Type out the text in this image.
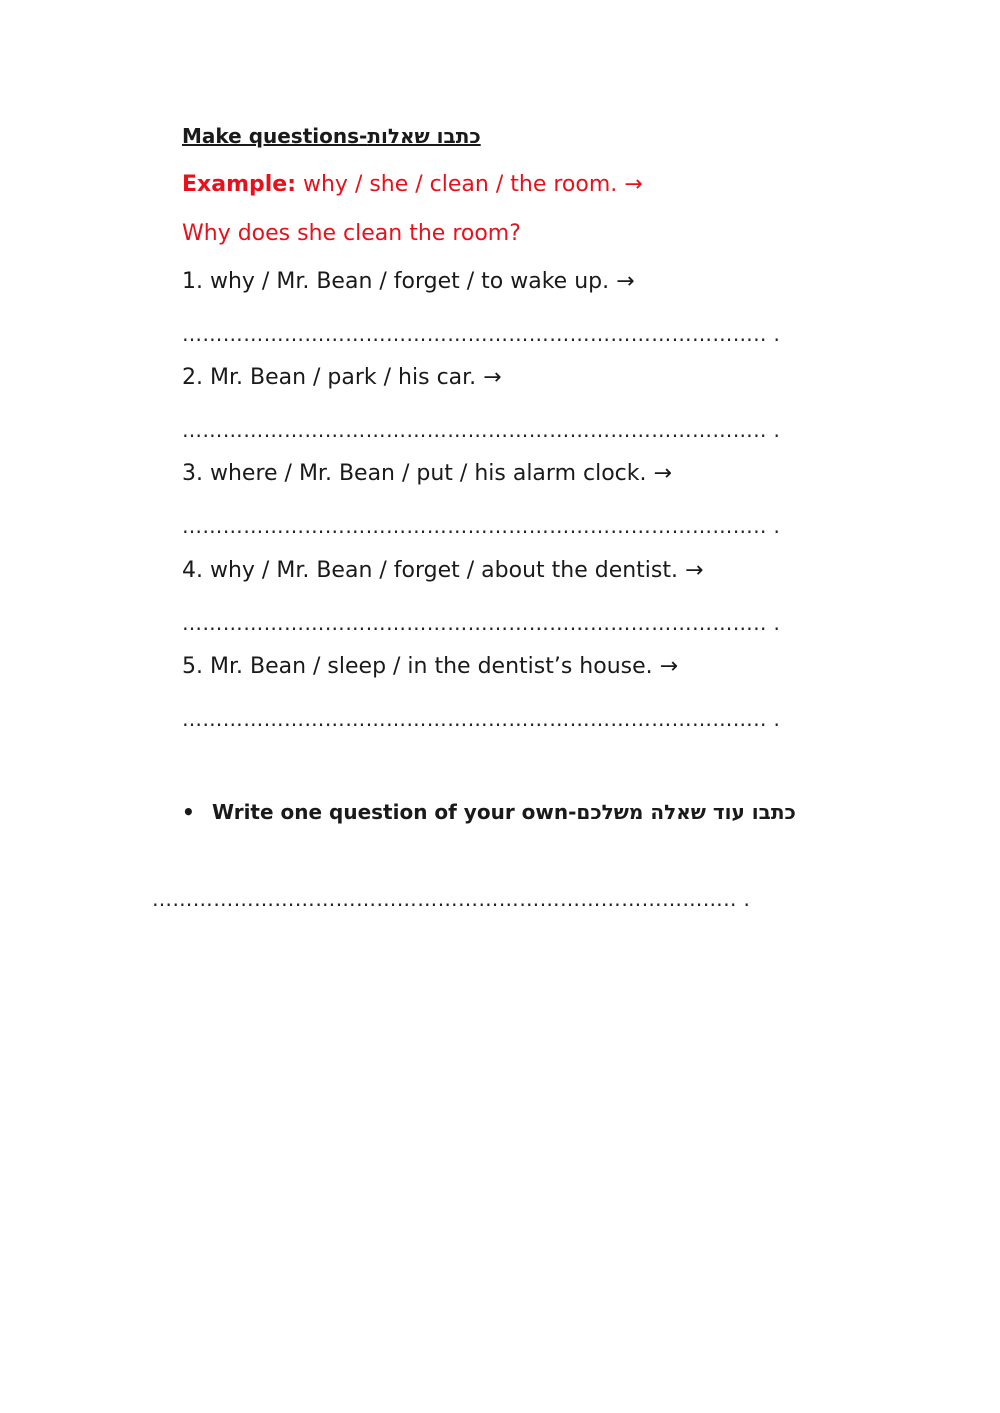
Make questions-כתבו שאלות
Example: why / she / clean / the room. →
Why does she clean the room?
1. why / Mr. Bean / forget / to wake up. →
………………………………………………………………………….. .
2. Mr. Bean / park / his car. →
………………………………………………………………………….. .
3. where / Mr. Bean / put / his alarm clock. →
………………………………………………………………………….. .
4. why / Mr. Bean / forget / about the dentist. →
………………………………………………………………………….. .
5. Mr. Bean / sleep / in the dentist’s house. →
………………………………………………………………………….. .
• Write one question of your own-כתבו עוד שאלה משלכם
………………………………………………………………………….. .
